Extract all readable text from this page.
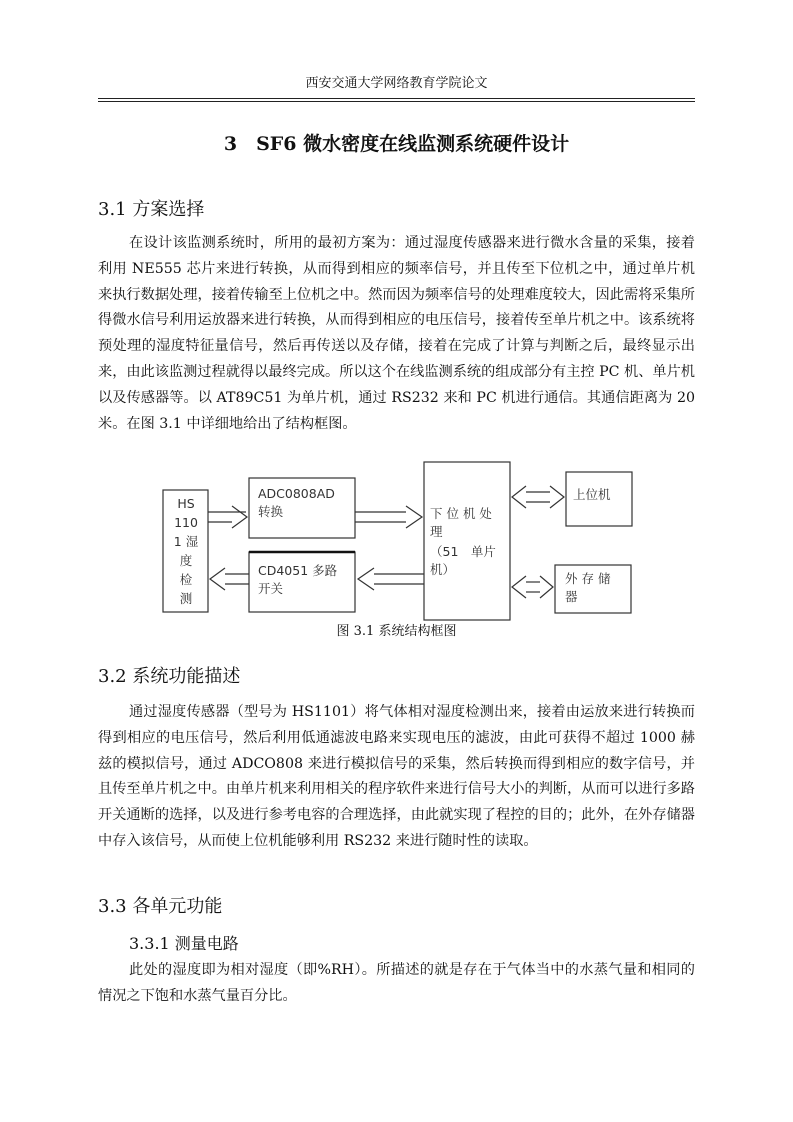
西安交通大学网络教育学院论文
3　SF6 微水密度在线监测系统硬件设计
3.1 方案选择

在设计该监测系统时，所用的最初方案为：通过湿度传感器来进行微水含量的采集，接着利用 NE555 芯片来进行转换，从而得到相应的频率信号，并且传至下位机之中，通过单片机来执行数据处理，接着传输至上位机之中。然而因为频率信号的处理难度较大，因此需将采集所得微水信号利用运放器来进行转换，从而得到相应的电压信号，接着传至单片机之中。该系统将预处理的湿度特征量信号，然后再传送以及存储，接着在完成了计算与判断之后，最终显示出来，由此该监测过程就得以最终完成。所以这个在线监测系统的组成部分有主控 PC 机、单片机以及传感器等。以 AT89C51 为单片机，通过 RS232 来和 PC 机进行通信。其通信距离为 20 米。在图 3.1 中详细地给出了结构框图。

HS
110
1 湿
度
检
测
ADC0808AD
转换
CD4051 多路
开关
下 位 机 处
理
（51　单片
机）
上位机
外 存 储
器
图 3.1 系统结构框图
3.2 系统功能描述

通过湿度传感器（型号为 HS1101）将气体相对湿度检测出来，接着由运放来进行转换而得到相应的电压信号，然后利用低通滤波电路来实现电压的滤波，由此可获得不超过 1000 赫兹的模拟信号，通过 ADCO808 来进行模拟信号的采集，然后转换而得到相应的数字信号，并且传至单片机之中。由单片机来利用相关的程序软件来进行信号大小的判断，从而可以进行多路开关通断的选择，以及进行参考电容的合理选择，由此就实现了程控的目的；此外，在外存储器中存入该信号，从而使上位机能够利用 RS232 来进行随时性的读取。

3.3 各单元功能
3.3.1 测量电路

此处的湿度即为相对湿度（即%RH）。所描述的就是存在于气体当中的水蒸气量和相同的情况之下饱和水蒸气量百分比。
